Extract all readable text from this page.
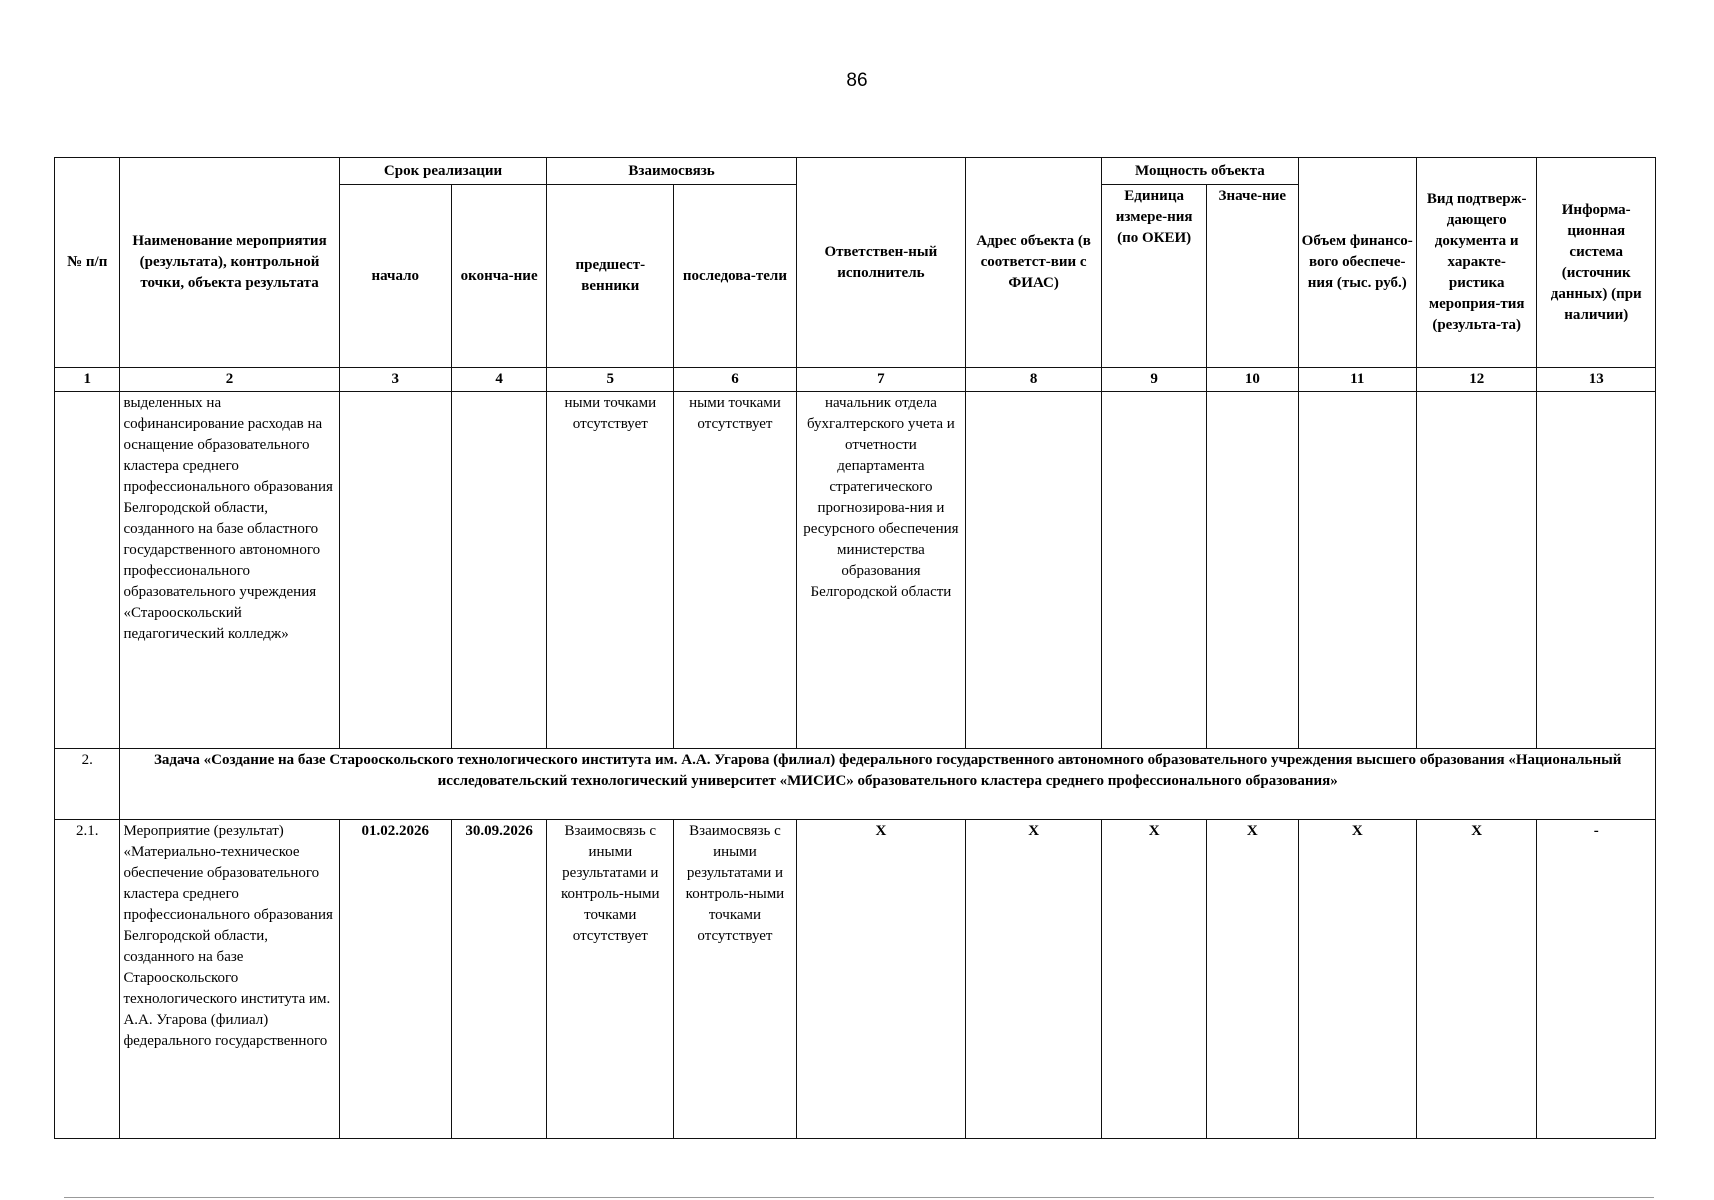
86
№ п/п	Наименование мероприятия (результата), контрольной точки, объекта результата	Срок реализации		Взаимосвязь		Ответствен-ный исполнитель	Адрес объекта (в соответст-вии с ФИАС)	Мощность объекта		Объем финансо-вого обеспече-ния (тыс. руб.)	Вид подтверж-дающего документа и характе-ристика мероприя-тия (результа-та)	Информа-ционная система (источник данных) (при наличии)
		начало	оконча-ние	предшест-венники	последова-тели			Единица измере-ния (по ОКЕИ)	Значе-ние			
1	2	3	4	5	6	7	8	9	10	11	12	13
	выделенных на софинансирование расходав на оснащение образовательного кластера среднего профессионального образования Белгородской области, созданного на базе областного государственного автономного профессионального образовательного учреждения «Старооскольский педагогический колледж»			ными точками отсутствует	ными точками отсутствует	начальник отдела бухгалтерского учета и отчетности департамента стратегического прогнозирова-ния и ресурсного обеспечения министерства образования Белгородской области						
2.	Задача «Создание на базе Старооскольского технологического института им. А.А. Угарова (филиал) федерального государственного автономного образовательного учреждения высшего образования «Национальный исследовательский технологический университет «МИСИС» образовательного кластера среднего профессионального образования»											
2.1.	Мероприятие (результат) «Материально-техническое обеспечение образовательного кластера среднего профессионального образования Белгородской области, созданного на базе Старооскольского технологического института им. А.А. Угарова (филиал) федерального государственного	01.02.2026	30.09.2026	Взаимосвязь с иными результатами и контроль-ными точками отсутствует	Взаимосвязь с иными результатами и контроль-ными точками отсутствует	Х	Х	Х	Х	Х	Х	-
